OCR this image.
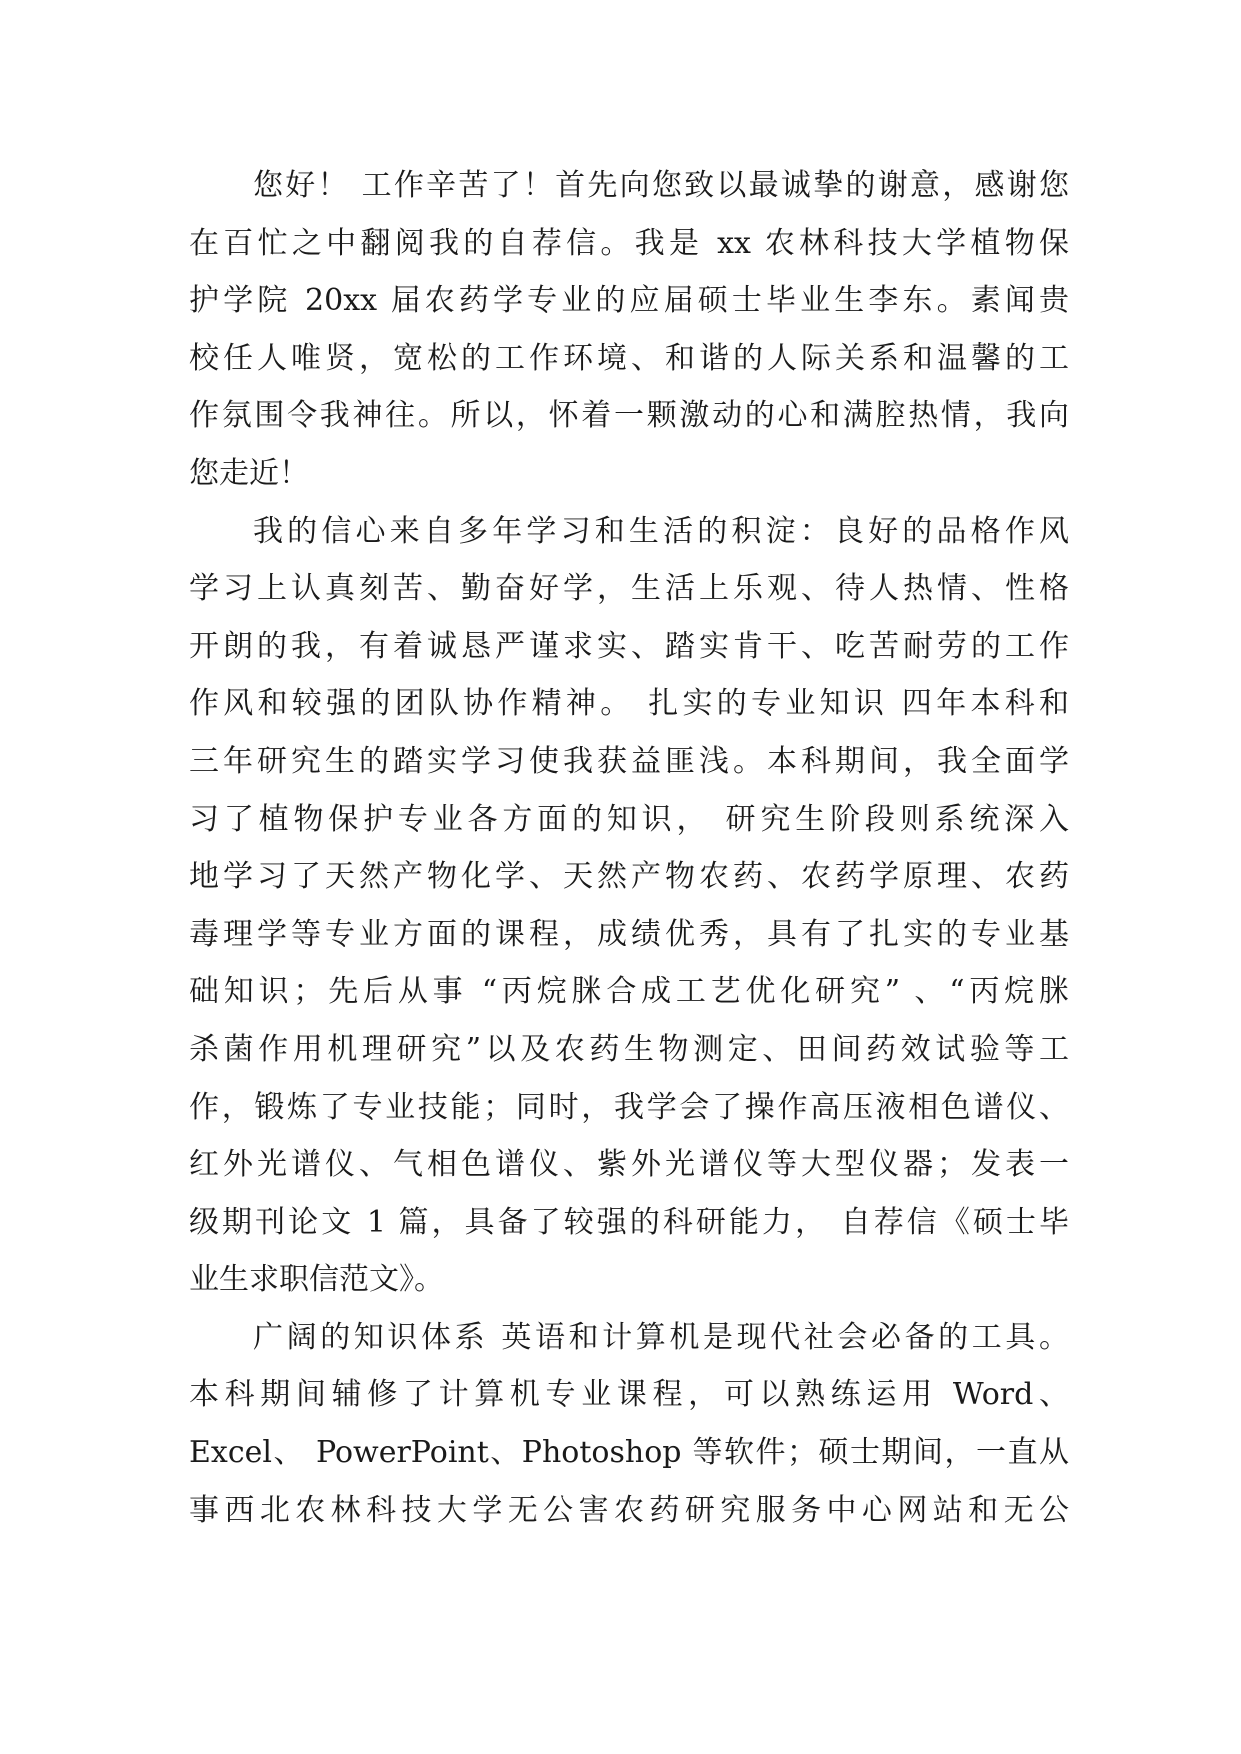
您好！ 工作辛苦了！首先向您致以最诚挚的谢意，感谢您
在百忙之中翻阅我的自荐信。我是 xx 农林科技大学植物保
护学院 20xx 届农药学专业的应届硕士毕业生李东。素闻贵
校任人唯贤，宽松的工作环境、和谐的人际关系和温馨的工
作氛围令我神往。所以，怀着一颗激动的心和满腔热情，我向
您走近！
我的信心来自多年学习和生活的积淀：良好的品格作风
学习上认真刻苦、勤奋好学，生活上乐观、待人热情、性格
开朗的我，有着诚恳严谨求实、踏实肯干、吃苦耐劳的工作
作风和较强的团队协作精神。 扎实的专业知识 四年本科和
三年研究生的踏实学习使我获益匪浅。本科期间，我全面学
习了植物保护专业各方面的知识， 研究生阶段则系统深入
地学习了天然产物化学、天然产物农药、农药学原理、农药
毒理学等专业方面的课程，成绩优秀，具有了扎实的专业基
础知识；先后从事 “丙烷脒合成工艺优化研究” 、“丙烷脒
杀菌作用机理研究”以及农药生物测定、田间药效试验等工
作，锻炼了专业技能；同时，我学会了操作高压液相色谱仪、
红外光谱仪、气相色谱仪、紫外光谱仪等大型仪器；发表一
级期刊论文 1 篇，具备了较强的科研能力， 自荐信《硕士毕
业生求职信范文》。
广阔的知识体系 英语和计算机是现代社会必备的工具。
本科期间辅修了计算机专业课程，可以熟练运用 Word、
Excel、 PowerPoint、Photoshop 等软件；硕士期间，一直从
事西北农林科技大学无公害农药研究服务中心网站和无公
